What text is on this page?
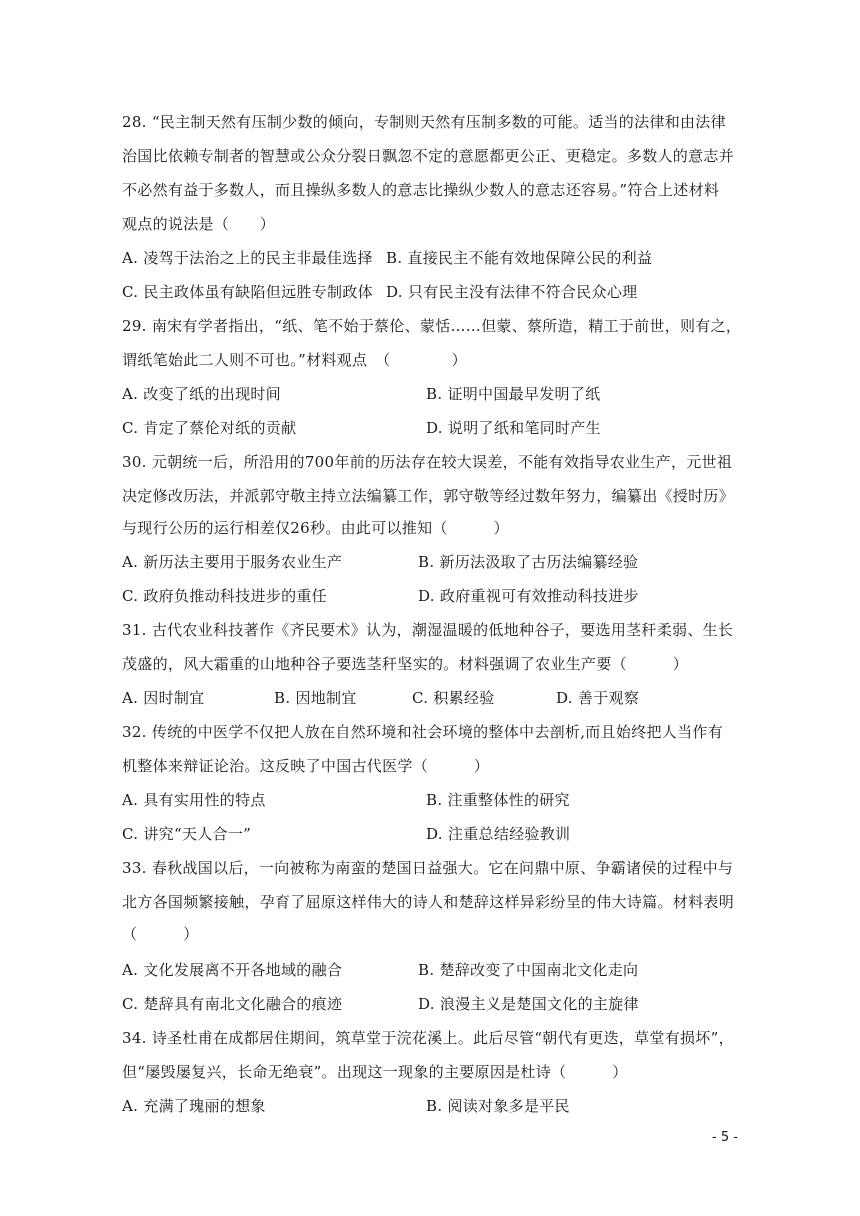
28. “民主制天然有压制少数的倾向，专制则天然有压制多数的可能。适当的法律和由法律
治国比依赖专制者的智慧或公众分裂日飘忽不定的意愿都更公正、更稳定。多数人的意志并
不必然有益于多数人，而且操纵多数人的意志比操纵少数人的意志还容易。”符合上述材料
观点的说法是（　　）
A. 凌驾于法治之上的民主非最佳选择 B. 直接民主不能有效地保障公民的利益
C. 民主政体虽有缺陷但远胜专制政体 D. 只有民主没有法律不符合民众心理
29. 南宋有学者指出，“纸、笔不始于蔡伦、蒙恬……但蒙、蔡所造，精工于前世，则有之，
谓纸笔始此二人则不可也。”材料观点　（　　　　）
A. 改变了纸的出现时间	B. 证明中国最早发明了纸
C. 肯定了蔡伦对纸的贡献	D. 说明了纸和笔同时产生
30. 元朝统一后，所沿用的700年前的历法存在较大误差，不能有效指导农业生产，元世祖
决定修改历法，并派郭守敬主持立法编纂工作，郭守敬等经过数年努力，编纂出《授时历》
与现行公历的运行相差仅26秒。由此可以推知（　　　）
A. 新历法主要用于服务农业生产	B. 新历法汲取了古历法编纂经验
C. 政府负推动科技进步的重任	D. 政府重视可有效推动科技进步
31. 古代农业科技著作《齐民要术》认为，潮湿温暖的低地种谷子，要选用茎秆柔弱、生长
茂盛的，风大霜重的山地种谷子要选茎秆坚实的。材料强调了农业生产要（　　　）
A. 因时制宜	B. 因地制宜	C. 积累经验	D. 善于观察
32. 传统的中医学不仅把人放在自然环境和社会环境的整体中去剖析,而且始终把人当作有
机整体来辩证论治。这反映了中国古代医学（　　　）
A. 具有实用性的特点	B. 注重整体性的研究
C. 讲究“天人合一”	D. 注重总结经验教训
33. 春秋战国以后，一向被称为南蛮的楚国日益强大。它在问鼎中原、争霸诸侯的过程中与
北方各国频繁接触，孕育了屈原这样伟大的诗人和楚辞这样异彩纷呈的伟大诗篇。材料表明
（　　　）
A. 文化发展离不开各地域的融合	B. 楚辞改变了中国南北文化走向
C. 楚辞具有南北文化融合的痕迹	D. 浪漫主义是楚国文化的主旋律
34. 诗圣杜甫在成都居住期间，筑草堂于浣花溪上。此后尽管“朝代有更迭，草堂有损坏”，
但“屡毁屡复兴，长命无绝衰”。出现这一现象的主要原因是杜诗（　　　）
A. 充满了瑰丽的想象	B. 阅读对象多是平民
- 5 -
